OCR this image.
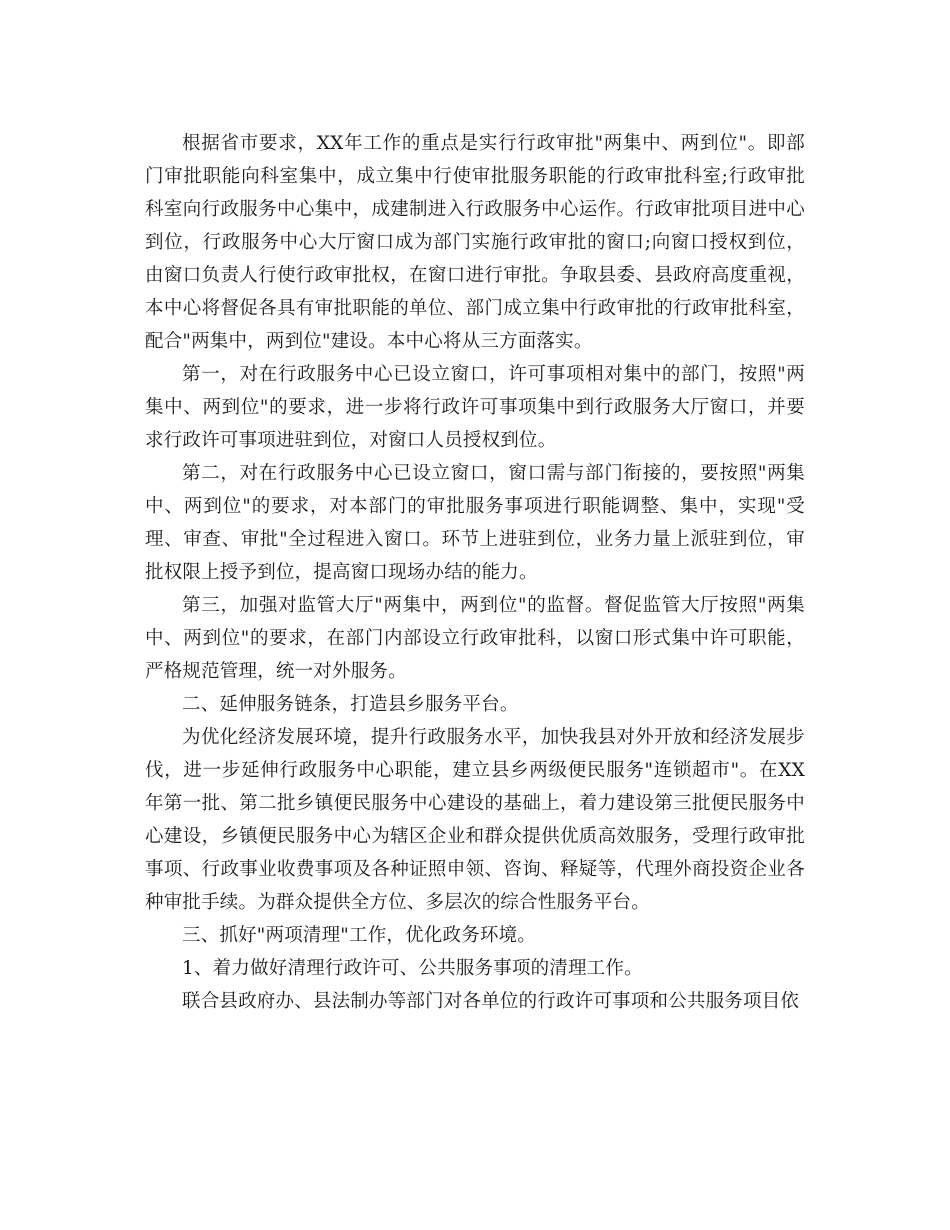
根据省市要求，XX年工作的重点是实行行政审批"两集中、两到位"。即部门审批职能向科室集中，成立集中行使审批服务职能的行政审批科室;行政审批科室向行政服务中心集中，成建制进入行政服务中心运作。行政审批项目进中心到位，行政服务中心大厅窗口成为部门实施行政审批的窗口;向窗口授权到位，由窗口负责人行使行政审批权，在窗口进行审批。争取县委、县政府高度重视，本中心将督促各具有审批职能的单位、部门成立集中行政审批的行政审批科室，配合"两集中，两到位"建设。本中心将从三方面落实。

第一，对在行政服务中心已设立窗口，许可事项相对集中的部门，按照"两集中、两到位"的要求，进一步将行政许可事项集中到行政服务大厅窗口，并要求行政许可事项进驻到位，对窗口人员授权到位。

第二，对在行政服务中心已设立窗口，窗口需与部门衔接的，要按照"两集中、两到位"的要求，对本部门的审批服务事项进行职能调整、集中，实现"受理、审查、审批"全过程进入窗口。环节上进驻到位，业务力量上派驻到位，审批权限上授予到位，提高窗口现场办结的能力。

第三，加强对监管大厅"两集中，两到位"的监督。督促监管大厅按照"两集中、两到位"的要求，在部门内部设立行政审批科，以窗口形式集中许可职能，严格规范管理，统一对外服务。

二、延伸服务链条，打造县乡服务平台。

为优化经济发展环境，提升行政服务水平，加快我县对外开放和经济发展步伐，进一步延伸行政服务中心职能，建立县乡两级便民服务"连锁超市"。在XX年第一批、第二批乡镇便民服务中心建设的基础上，着力建设第三批便民服务中心建设，乡镇便民服务中心为辖区企业和群众提供优质高效服务，受理行政审批事项、行政事业收费事项及各种证照申领、咨询、释疑等，代理外商投资企业各种审批手续。为群众提供全方位、多层次的综合性服务平台。

三、抓好"两项清理"工作，优化政务环境。

1、着力做好清理行政许可、公共服务事项的清理工作。

联合县政府办、县法制办等部门对各单位的行政许可事项和公共服务项目依
